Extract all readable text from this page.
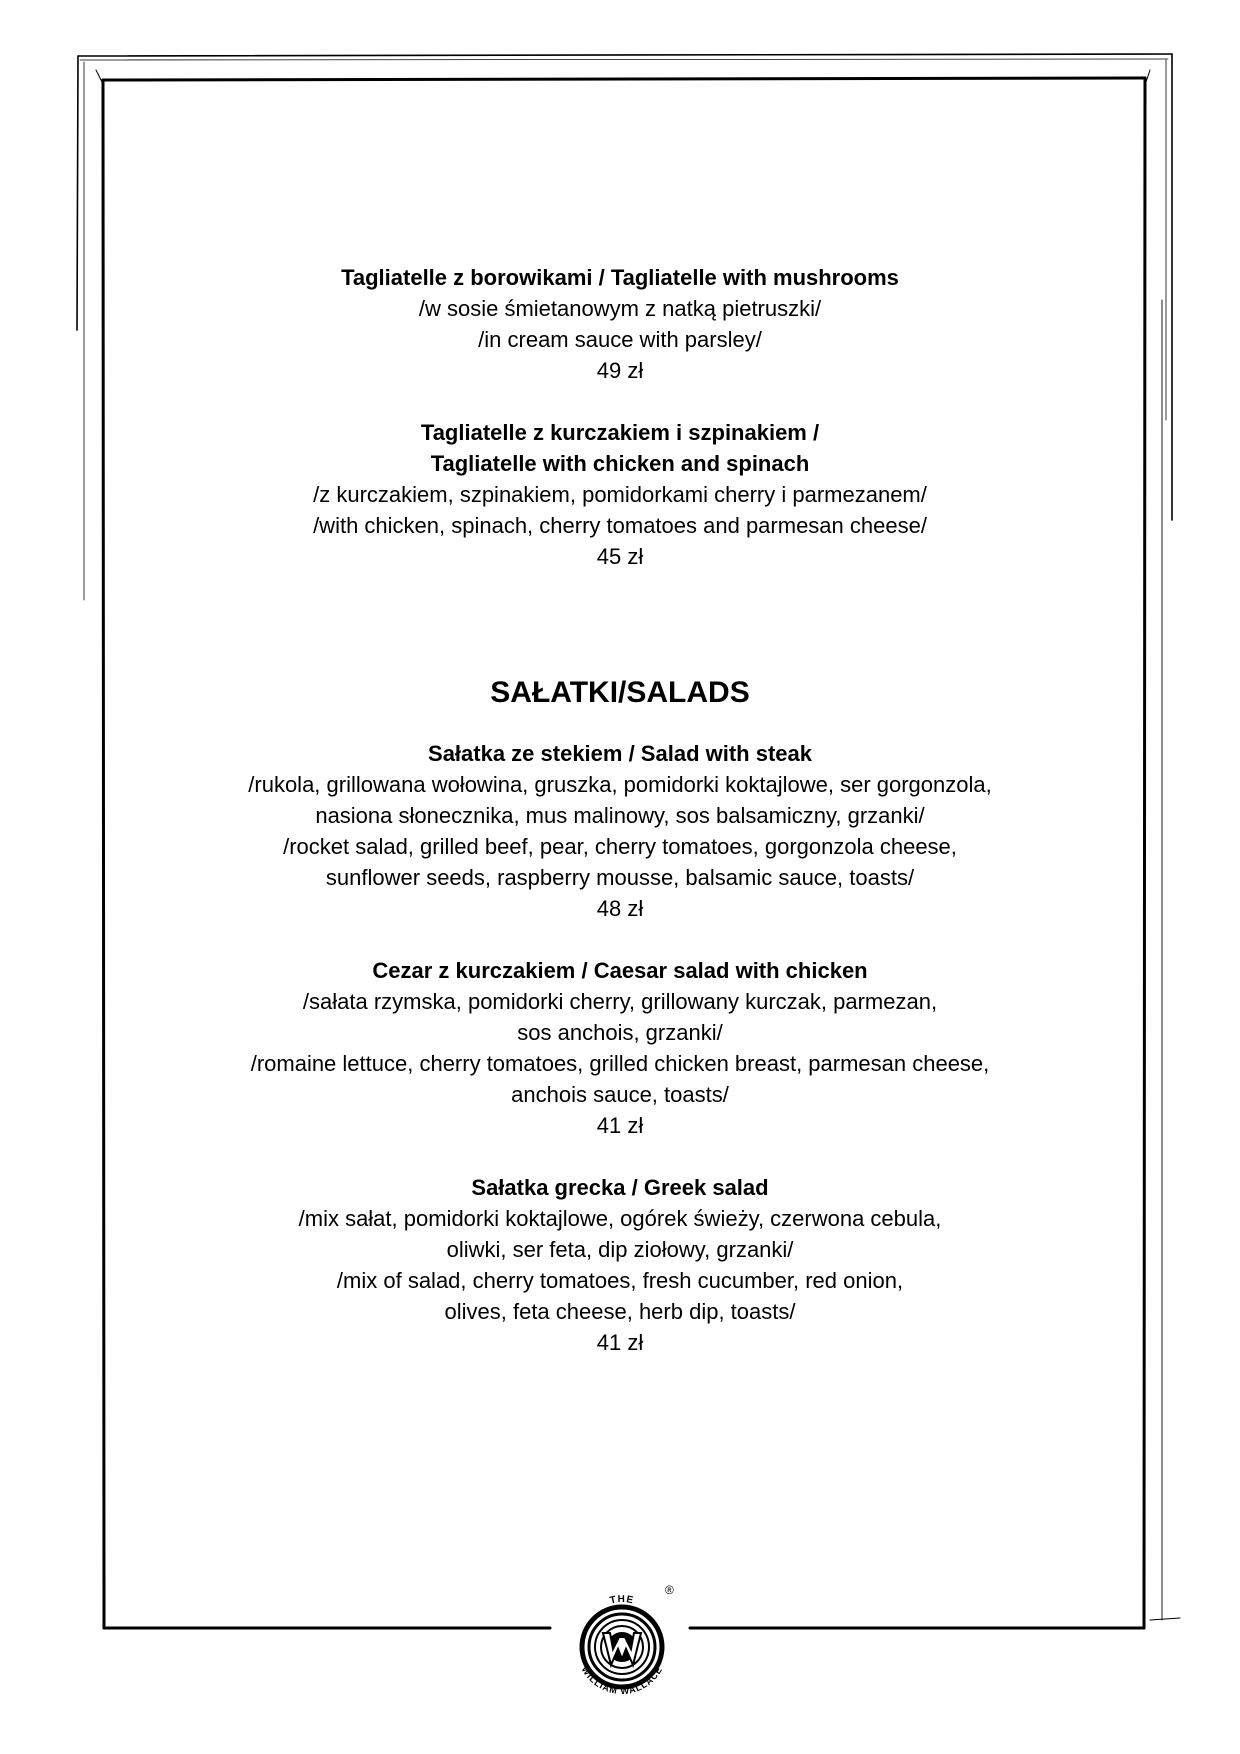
Tagliatelle z borowikami / Tagliatelle with mushrooms
/w sosie śmietanowym z natką pietruszki/
/in cream sauce with parsley/
49 zł
Tagliatelle z kurczakiem i szpinakiem /
Tagliatelle with chicken and spinach
/z kurczakiem, szpinakiem, pomidorkami cherry i parmezanem/
/with chicken, spinach, cherry tomatoes and parmesan cheese/
45 zł
SAŁATKI/SALADS
Sałatka ze stekiem / Salad with steak
/rukola, grillowana wołowina, gruszka, pomidorki koktajlowe, ser gorgonzola,
nasiona słonecznika, mus malinowy, sos balsamiczny, grzanki/
/rocket salad, grilled beef, pear, cherry tomatoes, gorgonzola cheese,
sunflower seeds, raspberry mousse, balsamic sauce, toasts/
48 zł
Cezar z kurczakiem / Caesar salad with chicken
/sałata rzymska, pomidorki cherry, grillowany kurczak, parmezan,
sos anchois, grzanki/
/romaine lettuce, cherry tomatoes, grilled chicken breast, parmesan cheese,
anchois sauce, toasts/
41 zł
Sałatka grecka / Greek salad
/mix sałat, pomidorki koktajlowe, ogórek świeży, czerwona cebula,
oliwki, ser feta, dip ziołowy, grzanki/
/mix of salad, cherry tomatoes, fresh cucumber, red onion,
olives, feta cheese, herb dip, toasts/
41 zł
THE
WILLIAM WALLACE
®
